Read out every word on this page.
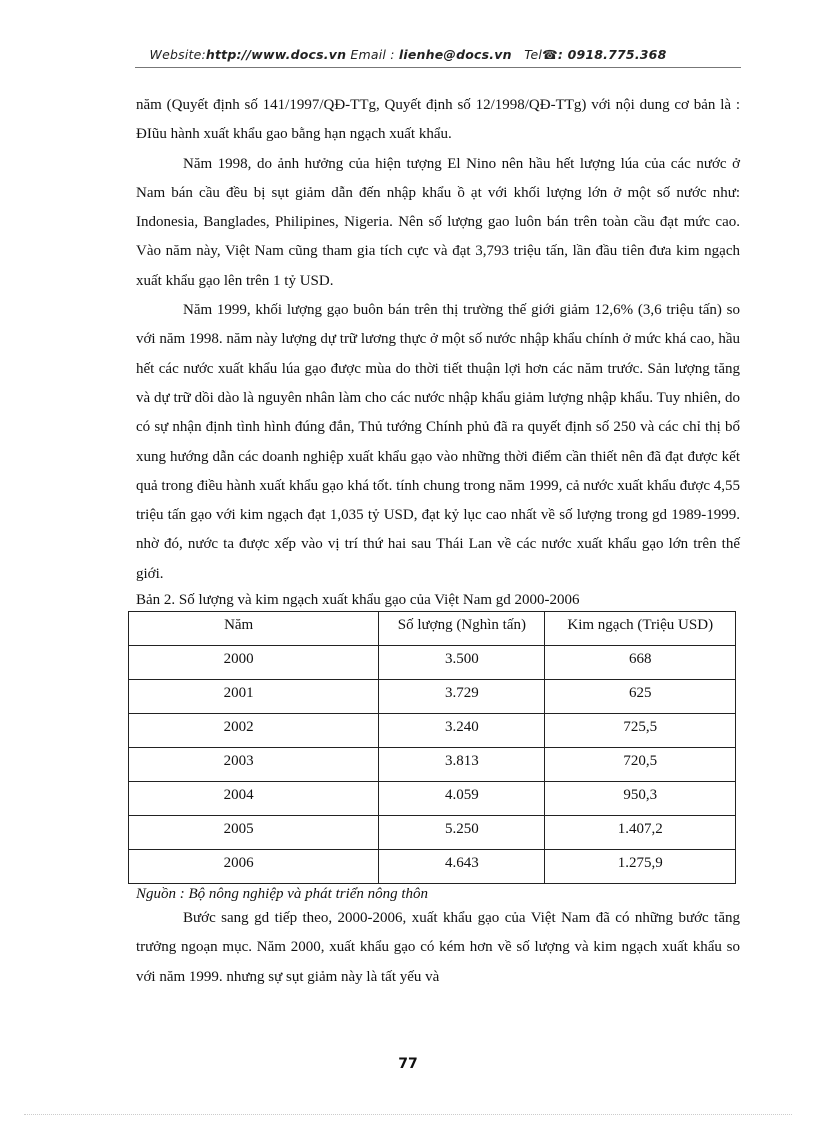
Website:http://www.docs.vn Email : lienhe@docs.vn Tel☎: 0918.775.368

năm (Quyết định số 141/1997/QĐ-TTg, Quyết định số 12/1998/QĐ-TTg) với nội dung cơ bản là : ĐIũu hành xuất khẩu gao bằng hạn ngạch xuất khẩu.

Năm 1998, do ảnh hưởng của hiện tượng El Nino nên hầu hết lượng lúa của các nước ở Nam bán cầu đều bị sụt giảm dẫn đến nhập khẩu ồ ạt với khối lượng lớn ở một số nước như: Indonesia, Banglades, Philipines, Nigeria. Nên số lượng gao luôn bán trên toàn cầu đạt mức cao. Vào năm này, Việt Nam cũng tham gia tích cực và đạt 3,793 triệu tấn, lần đầu tiên đưa kim ngạch xuất khẩu gạo lên trên 1 tỷ USD.

Năm 1999, khối lượng gạo buôn bán trên thị trường thế giới giảm 12,6% (3,6 triệu tấn) so với năm 1998. năm này lượng dự trữ lương thực ở một số nước nhập khẩu chính ở mức khá cao, hầu hết các nước xuất khẩu lúa gạo được mùa do thời tiết thuận lợi hơn các năm trước. Sản lượng tăng và dự trữ dồi dào là nguyên nhân làm cho các nước nhập khẩu giảm lượng nhập khẩu. Tuy nhiên, do có sự nhận định tình hình đúng đắn, Thủ tướng Chính phủ đã ra quyết định số 250 và các chỉ thị bổ xung hướng dẫn các doanh nghiệp xuất khẩu gạo vào những thời điểm cần thiết nên đã đạt được kết quả trong điều hành xuất khẩu gạo khá tốt. tính chung trong năm 1999, cả nước xuất khẩu được 4,55 triệu tấn gạo với kim ngạch đạt 1,035 tỷ USD, đạt kỷ lục cao nhất về số lượng trong gd 1989-1999. nhờ đó, nước ta được xếp vào vị trí thứ hai sau Thái Lan về các nước xuất khẩu gạo lớn trên thế giới.

Bản 2. Số lượng và kim ngạch xuất khẩu gạo của Việt Nam gd 2000-2006

Năm	Số lượng (Nghìn tấn)	Kim ngạch (Triệu USD)
2000	3.500	668
2001	3.729	625
2002	3.240	725,5
2003	3.813	720,5
2004	4.059	950,3
2005	5.250	1.407,2
2006	4.643	1.275,9

Nguồn : Bộ nông nghiệp và phát triển nông thôn

Bước sang gd tiếp theo, 2000-2006, xuất khẩu gạo của Việt Nam đã có những bước tăng trưởng ngoạn mục. Năm 2000, xuất khẩu gạo có kém hơn về số lượng và kim ngạch xuất khẩu so với năm 1999. nhưng sự sụt giảm này là tất yếu và

77
